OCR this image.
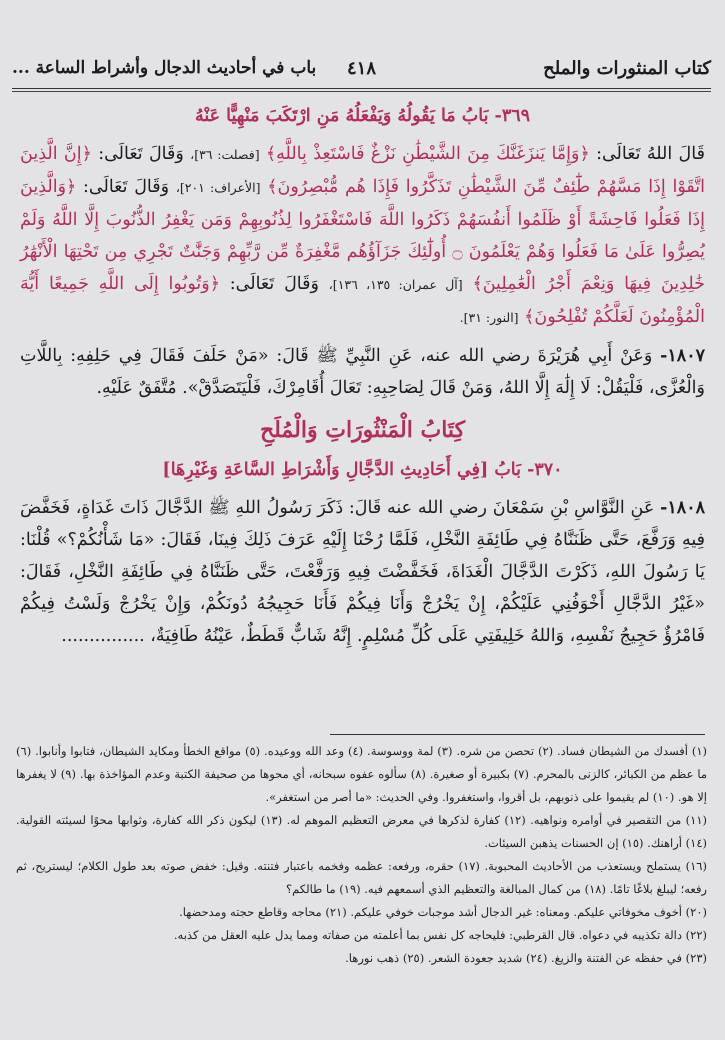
كتاب المنثورات والملح
٤١٨
باب في أحاديث الدجال وأشراط الساعة ...
٣٦٩- بَابُ مَا يَقُولُهُ وَيَفْعَلُهُ مَنِ ارْتَكَبَ مَنْهِيًّا عَنْهُ

قَالَ اللهُ تَعَالَى: ﴿وَإِمَّا يَنزَغَنَّكَ مِنَ الشَّيْطَٰنِ نَزْغٌ فَاسْتَعِذْ بِاللَّهِ﴾ [فصلت: ٣٦]، وَقَالَ تَعَالَى: ﴿إِنَّ الَّذِينَ اتَّقَوْا إِذَا مَسَّهُمْ طَٰٓئِفٌ مِّنَ الشَّيْطَٰنِ تَذَكَّرُوا فَإِذَا هُم مُّبْصِرُونَ﴾ [الأعراف: ٢٠١]، وَقَالَ تَعَالَى: ﴿وَالَّذِينَ إِذَا فَعَلُوا فَاحِشَةً أَوْ ظَلَمُوا أَنفُسَهُمْ ذَكَرُوا اللَّهَ فَاسْتَغْفَرُوا لِذُنُوبِهِمْ وَمَن يَغْفِرُ الذُّنُوبَ إِلَّا اللَّهُ وَلَمْ يُصِرُّوا عَلَىٰ مَا فَعَلُوا وَهُمْ يَعْلَمُونَ ۝ أُولَٰٓئِكَ جَزَآؤُهُم مَّغْفِرَةٌ مِّن رَّبِّهِمْ وَجَنَّٰتٌ تَجْرِي مِن تَحْتِهَا الْأَنْهَٰرُ خَٰلِدِينَ فِيهَا وَنِعْمَ أَجْرُ الْعَٰمِلِينَ﴾ [آل عمران: ١٣٥، ١٣٦]، وَقَالَ تَعَالَى: ﴿وَتُوبُوا إِلَى اللَّهِ جَمِيعًا أَيُّهَ الْمُؤْمِنُونَ لَعَلَّكُمْ تُفْلِحُونَ﴾ [النور: ٣١].

١٨٠٧- وَعَنْ أَبِي هُرَيْرَةَ رضي الله عنه، عَنِ النَّبِيِّ ﷺ قَالَ: «مَنْ حَلَفَ فَقَالَ فِي حَلِفِهِ: بِاللَّاتِ وَالْعُزَّى، فَلْيَقُلْ: لَا إِلَٰهَ إِلَّا اللهُ، وَمَنْ قَالَ لِصَاحِبِهِ: تَعَالَ أُقَامِرْكَ، فَلْيَتَصَدَّقْ». مُتَّفَقٌ عَلَيْهِ.

كِتَابُ الْمَنْثُورَاتِ وَالْمُلَحِ
٣٧٠- بَابُ [فِي أَحَادِيثِ الدَّجَّالِ وَأَشْرَاطِ السَّاعَةِ وَغَيْرِهَا]

١٨٠٨- عَنِ النَّوَّاسِ بْنِ سَمْعَانَ رضي الله عنه قَالَ: ذَكَرَ رَسُولُ اللهِ ﷺ الدَّجَّالَ ذَاتَ غَدَاةٍ، فَخَفَّضَ فِيهِ وَرَفَّعَ، حَتَّى ظَنَنَّاهُ فِي طَائِفَةِ النَّخْلِ، فَلَمَّا رُحْنَا إِلَيْهِ عَرَفَ ذَلِكَ فِينَا، فَقَالَ: «مَا شَأْنُكُمْ؟» قُلْنَا: يَا رَسُولَ اللهِ، ذَكَرْتَ الدَّجَّالَ الْغَدَاةَ، فَخَفَّضْتَ فِيهِ وَرَفَّعْتَ، حَتَّى ظَنَنَّاهُ فِي طَائِفَةِ النَّخْلِ، فَقَالَ: «غَيْرُ الدَّجَّالِ أَخْوَفُنِي عَلَيْكُمْ، إِنْ يَخْرُجْ وَأَنَا فِيكُمْ فَأَنَا حَجِيجُهُ دُونَكُمْ، وَإِنْ يَخْرُجْ وَلَسْتُ فِيكُمْ فَامْرُؤٌ حَجِيجُ نَفْسِهِ، وَاللهُ خَلِيفَتِي عَلَى كُلِّ مُسْلِمٍ. إِنَّهُ شَابٌّ قَطَطٌ، عَيْنُهُ طَافِيَةٌ، ...............

(١) أفسدك من الشيطان فساد. (٢) تحصن من شره. (٣) لمة ووسوسة. (٤) وعد الله ووعيده. (٥) مواقع الخطأ ومكايد الشيطان، فتابوا وأنابوا. (٦) ما عظم من الكبائر، كالزنى بالمحرم. (٧) بكبيرة أو صغيرة. (٨) سألوه عفوه سبحانه، أي محوها من صحيفة الكتبة وعدم المؤاخذة بها. (٩) لا يغفرها إلا هو. (١٠) لم يقيموا على ذنوبهم، بل أقروا، واستغفروا. وفي الحديث: «ما أصر من استغفر».

(١١) من التقصير في أوامره ونواهيه. (١٢) كفارة لذكرها في معرض التعظيم الموهم له. (١٣) ليكون ذكر الله كفارة، وثوابها محوًا لسيئته القولية. (١٤) أراهنك. (١٥) إن الحسنات يذهبن السيئات.

(١٦) يستملح ويستعذب من الأحاديث المحبوبة. (١٧) حقره، ورفعه: عظمه وفخمه باعتبار فتنته. وقيل: خفض صوته بعد طول الكلام؛ ليستريح، ثم رفعه؛ ليبلغ بلاغًا تامًا. (١٨) من كمال المبالغة والتعظيم الذي أسمعهم فيه. (١٩) ما طالكم؟

(٢٠) أخوف مخوفاتي عليكم. ومعناه: غير الدجال أشد موجبات خوفي عليكم. (٢١) محاجه وقاطع حجته ومدحضها.

(٢٢) دالة تكذيبه في دعواه. قال القرطبي: فليحاجه كل نفس بما أعلمته من صفاته ومما يدل عليه العقل من كذبه.

(٢٣) في حفظه عن الفتنة والزيغ. (٢٤) شديد جعودة الشعر. (٢٥) ذهب نورها.
